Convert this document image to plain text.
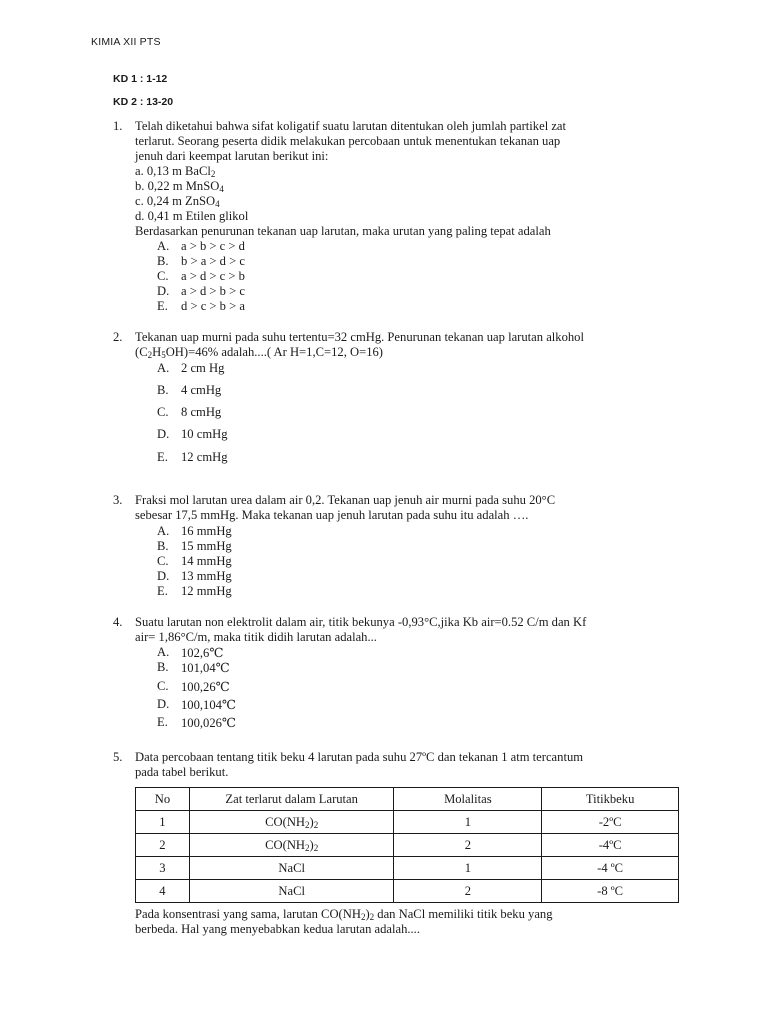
KIMIA XII PTS
KD 1 : 1-12
KD 2 : 13-20
1. Telah diketahui bahwa sifat koligatif suatu larutan ditentukan oleh jumlah partikel zat

terlarut. Seorang peserta didik melakukan percobaan untuk menentukan tekanan uap

jenuh dari keempat larutan berikut ini:

a. 0,13 m BaCl$_2$

b. 0,22 m MnSO$_4$

c. 0,24 m ZnSO$_4$

d. 0,41 m Etilen glikol

Berdasarkan penurunan tekanan uap larutan, maka urutan yang paling tepat adalah

A. a > b > c > d
B. b > a > d > c
C. a > d > c > b
D. a > d > b > c
E. d > c > b > a
2. Tekanan uap murni pada suhu tertentu=32 cmHg. Penurunan tekanan uap larutan alkohol

$(C_2H_5OH)=46\%$ adalah....( Ar H=1,C=12, O=16)

A. 2 cm Hg
B. 4 cmHg
C. 8 cmHg
D. 10 cmHg
E. 12 cmHg
3. Fraksi mol larutan urea dalam air 0,2. Tekanan uap jenuh air murni pada suhu 20°C

sebesar 17,5 mmHg. Maka tekanan uap jenuh larutan pada suhu itu adalah ….

A. 16 mmHg
B. 15 mmHg
C. 14 mmHg
D. 13 mmHg
E. 12 mmHg
4. Suatu larutan non elektrolit dalam air, titik bekunya -0,93°C,jika Kb air=0.52 C/m dan Kf

air= 1,86°C/m, maka titik didih larutan adalah...

A. 102,6℃
B. 101,04℃
C. 100,26℃
D. 100,104℃
E. 100,026℃
5. Data percobaan tentang titik beku 4 larutan pada suhu 27ºC dan tekanan 1 atm tercantum

pada tabel berikut.

No	Zat terlarut dalam Larutan	Molalitas	Titikbeku
1	$CO(NH_2)_2$	1	-2ºC
2	$CO(NH_2)_2$	2	-4ºC
3	NaCl	1	-4 ºC
4	NaCl	2	-8 ºC

Pada konsentrasi yang sama, larutan $CO(NH_2)_2$ dan NaCl memiliki titik beku yang

berbeda. Hal yang menyebabkan kedua larutan adalah....
